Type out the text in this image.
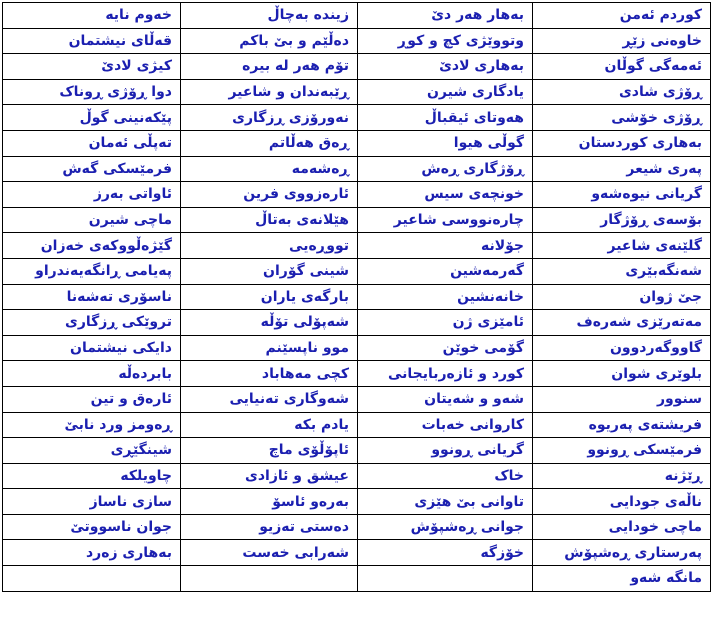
کوردم ئەمن	بەهار هەر دێ	زیندە بەچاڵ	خەوم نایە
خاوەنی زێڕ	وتووێژی کچ و کوڕ	دەڵێم و بێ باکم	قەڵای نیشتمان
ئەمەگی گوڵان	بەهاری لادێ	تۆم هەر لە بیرە	کیژی لادێ
ڕۆژی شادی	یادگاری شیرن	ڕێبەندان و شاعیر	دوا ڕۆژی ڕوناک
ڕۆژی خۆشی	هەوتای ئیقباڵ	نەورۆزی ڕزگاری	پێکەنینی گوڵ
بەهاری کوردستان	گوڵی هیوا	ڕەق هەڵاتم	تەپڵی ئەمان
پەری شیعر	ڕۆژگاری ڕەش	ڕەشەمە	فرمێسکی گەش
گریانی نیوەشەو	خونچەی سیس	ئارەزووی فرین	ئاواتی بەرز
بۆسەی ڕۆژگار	چارەنووسی شاعیر	هێلانەی بەتاڵ	ماچی شیرن
گلێنەی شاعیر	جۆلانە	تووڕەیی	گێژەڵووکەی خەزان
شەنگەبێری	گەرمەشین	شینی گۆران	پەیامی ڕانگەیەندراو
جێ ژوان	خانەنشین	بارگەی یاران	ناسۆری تەشەنا
مەتەرێزی شەرەف	ئامێزی ژن	شەپۆلی تۆڵە	تروێکی ڕزگاری
گاووگەردوون	گۆمی خوێن	موو ناپسێنم	دایکی نیشتمان
بلوێری شوان	کورد و ئازەربایجانی	کچی مەهاباد	بابردەڵە
سنوور	شەو و شەیتان	شەوگاری تەنیایی	ئارەق و تین
فریشتەی پەریوە	کاروانی خەبات	یادم بکە	ڕەومز ورد نابێ
فرمێسکی ڕونوو	گریانی ڕونوو	ئاپۆڵۆی ماچ	شینگێڕی
ڕێژنە	خاک	عیشق و ئازادی	چاویلکە
ناڵەی جودایی	تاوانی بێ هێزی	بەرەو ئاسۆ	سازی ناساز
ماچی خودایی	جوانی ڕەشپۆش	دەستی تەزیو	جوان ناسووتێ
پەرستاری ڕەشپۆش	خۆزگە	شەرابی خەست	بەهاری زەرد
مانگە شەو			
